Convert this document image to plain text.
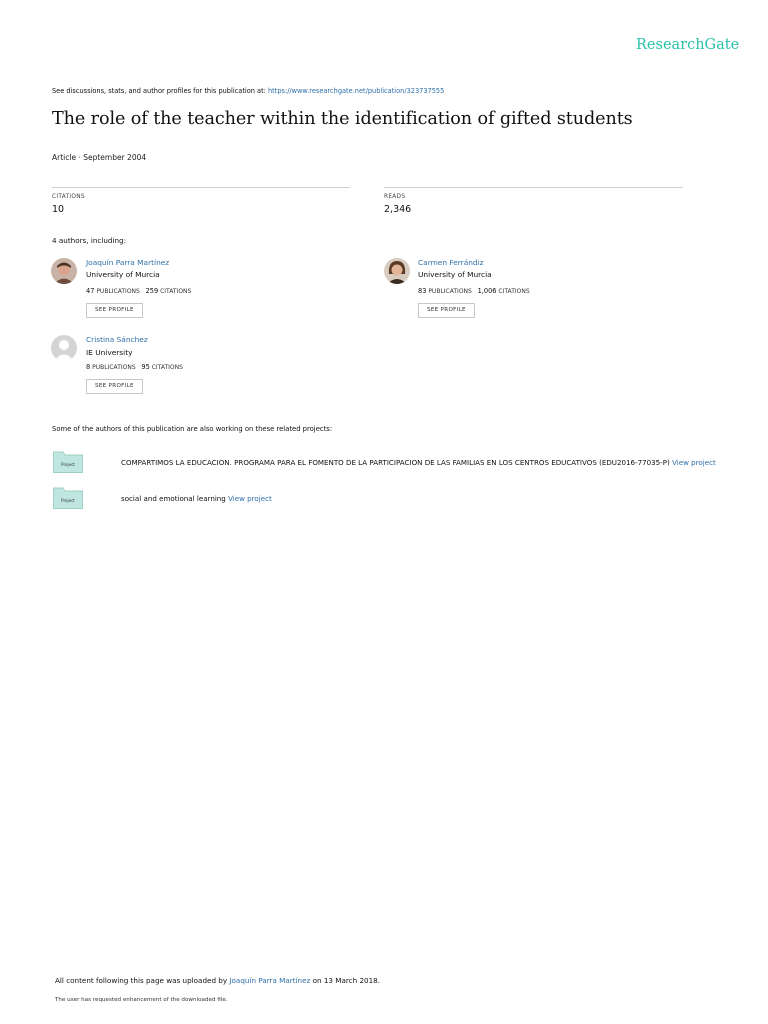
ResearchGate
See discussions, stats, and author profiles for this publication at: https://www.researchgate.net/publication/323737555
The role of the teacher within the identification of gifted students
Article · September 2004
CITATIONS
10
READS
2,346
4 authors, including:
Joaquín Parra Martínez
University of Murcia
47 PUBLICATIONS 259 CITATIONS
SEE PROFILE
Carmen Ferrándiz
University of Murcia
83 PUBLICATIONS 1,006 CITATIONS
SEE PROFILE
Cristina Sánchez
IE University
8 PUBLICATIONS 95 CITATIONS
SEE PROFILE
Some of the authors of this publication are also working on these related projects:
Project	COMPARTIMOS LA EDUCACION. PROGRAMA PARA EL FOMENTO DE LA PARTICIPACION DE LAS FAMILIAS EN LOS CENTROS EDUCATIVOS (EDU2016-77035-P) View project
Project	social and emotional learning View project
All content following this page was uploaded by Joaquín Parra Martínez on 13 March 2018.
The user has requested enhancement of the downloaded file.
